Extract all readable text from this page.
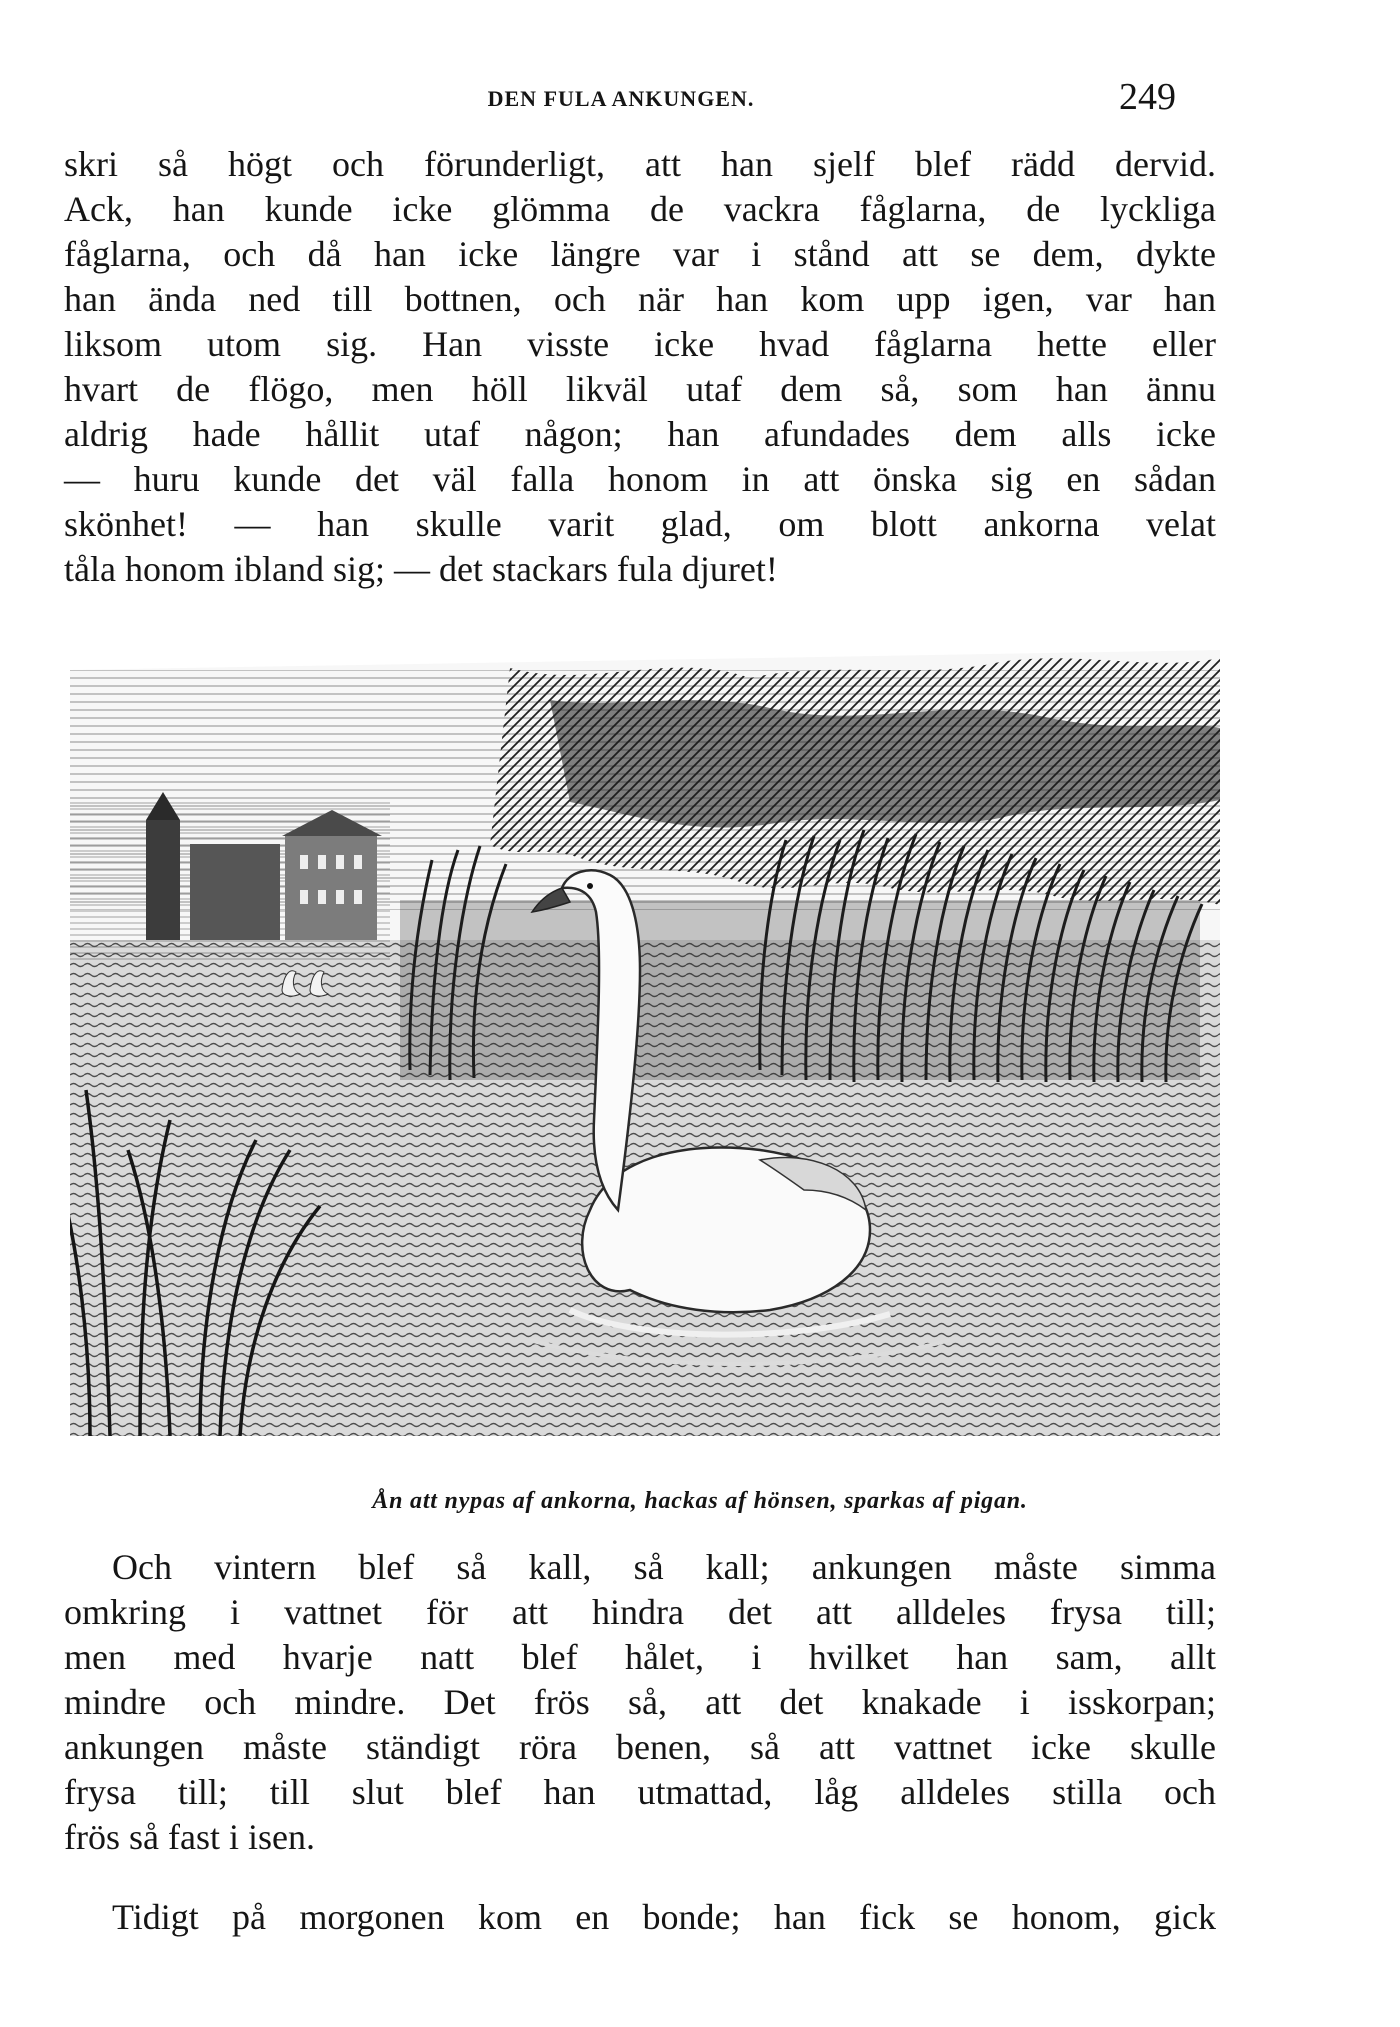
DEN FULA ANKUNGEN.	249
skri så högt och förunderligt, att han sjelf blef rädd dervid.
Ack, han kunde icke glömma de vackra fåglarna, de lyckliga
fåglarna, och då han icke längre var i stånd att se dem, dykte
han ända ned till bottnen, och när han kom upp igen, var han
liksom utom sig. Han visste icke hvad fåglarna hette eller
hvart de flögo, men höll likväl utaf dem så, som han ännu
aldrig hade hållit utaf någon; han afundades dem alls icke
— huru kunde det väl falla honom in att önska sig en sådan
skönhet! — han skulle varit glad, om blott ankorna velat
tåla honom ibland sig; — det stackars fula djuret!
Ån att nypas af ankorna, hackas af hönsen, sparkas af pigan.
Och vintern blef så kall, så kall; ankungen måste simma
omkring i vattnet för att hindra det att alldeles frysa till;
men med hvarje natt blef hålet, i hvilket han sam, allt
mindre och mindre. Det frös så, att det knakade i isskorpan;
ankungen måste ständigt röra benen, så att vattnet icke skulle
frysa till; till slut blef han utmattad, låg alldeles stilla och
frös så fast i isen.
Tidigt på morgonen kom en bonde; han fick se honom, gick
